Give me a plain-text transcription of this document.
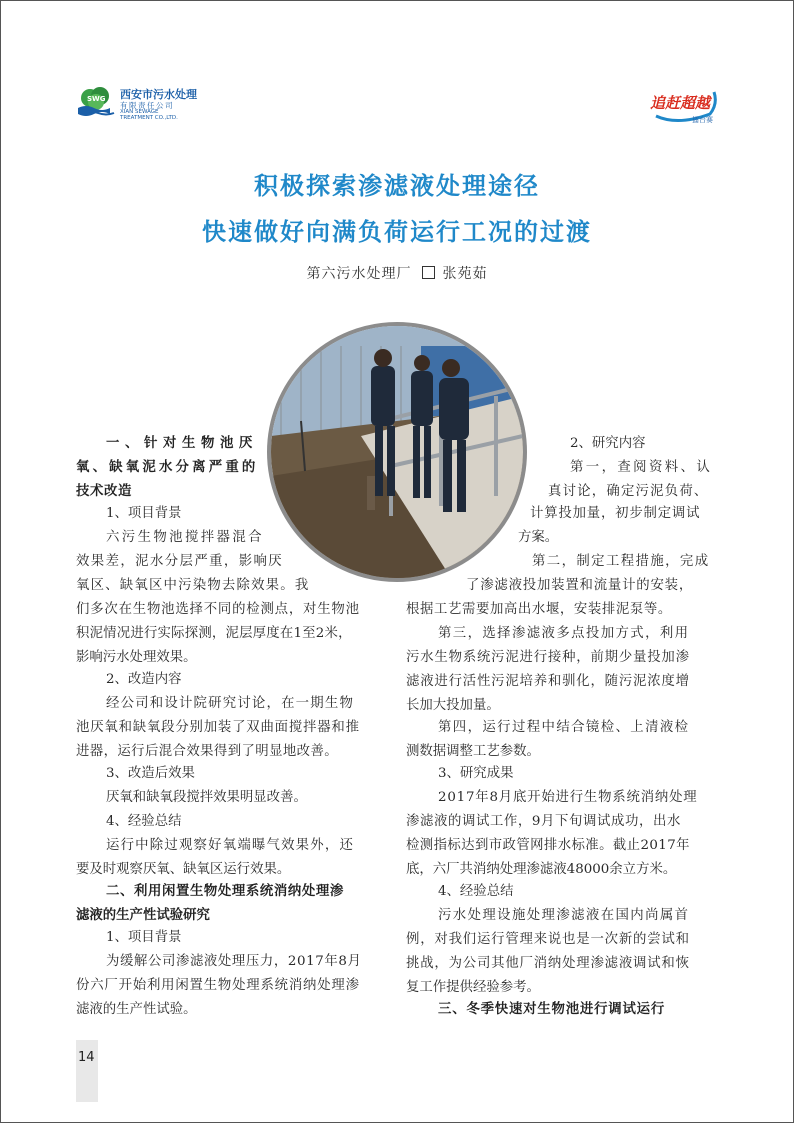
SWG 西安市污水处理
有限责任公司
XIAN SEWAGE
TREATMENT CO.,LTD.
追赶超越
擂台赛
积极探索渗滤液处理途径
快速做好向满负荷运行工况的过渡
第六污水处理厂 张苑茹
一、针对生物池厌
氧、缺氧泥水分离严重的
技术改造
1、项目背景
六污生物池搅拌器混合
效果差，泥水分层严重，影响厌
氧区、缺氧区中污染物去除效果。我
们多次在生物池选择不同的检测点，对生物池
积泥情况进行实际探测，泥层厚度在1至2米，
影响污水处理效果。
2、改造内容
经公司和设计院研究讨论，在一期生物
池厌氧和缺氧段分别加装了双曲面搅拌器和推
进器，运行后混合效果得到了明显地改善。
3、改造后效果
厌氧和缺氧段搅拌效果明显改善。
4、经验总结
运行中除过观察好氧端曝气效果外，还
要及时观察厌氧、缺氧区运行效果。
二、利用闲置生物处理系统消纳处理渗
滤液的生产性试验研究
1、项目背景
为缓解公司渗滤液处理压力，2017年8月
份六厂开始利用闲置生物处理系统消纳处理渗
滤液的生产性试验。
2、研究内容
第一，查阅资料、认
真讨论，确定污泥负荷、
计算投加量，初步制定调试
方案。
第二，制定工程措施，完成
了渗滤液投加装置和流量计的安装，
根据工艺需要加高出水堰，安装排泥泵等。
第三，选择渗滤液多点投加方式，利用
污水生物系统污泥进行接种，前期少量投加渗
滤液进行活性污泥培养和驯化，随污泥浓度增
长加大投加量。
第四，运行过程中结合镜检、上清液检
测数据调整工艺参数。
3、研究成果
2017年8月底开始进行生物系统消纳处理
渗滤液的调试工作，9月下旬调试成功，出水
检测指标达到市政管网排水标准。截止2017年
底，六厂共消纳处理渗滤液48000余立方米。
4、经验总结
污水处理设施处理渗滤液在国内尚属首
例，对我们运行管理来说也是一次新的尝试和
挑战，为公司其他厂消纳处理渗滤液调试和恢
复工作提供经验参考。
三、冬季快速对生物池进行调试运行
14
